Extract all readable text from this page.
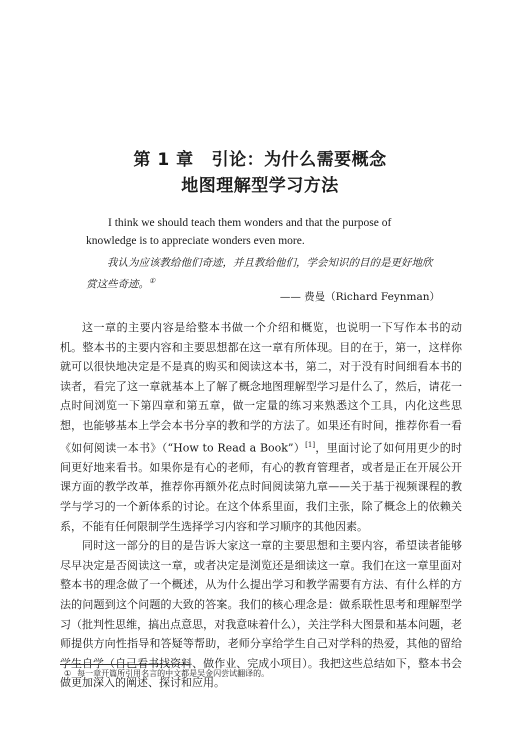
第 1 章 引论：为什么需要概念
地图理解型学习方法
I think we should teach them wonders and that the purpose of knowledge is to appreciate wonders even more.
我认为应该教给他们奇迹，并且教给他们，学会知识的目的是更好地欣赏这些奇迹。①
—— 费曼（Richard Feynman）

这一章的主要内容是给整本书做一个介绍和概览，也说明一下写作本书的动机。整本书的主要内容和主要思想都在这一章有所体现。目的在于，第一，这样你就可以很快地决定是不是真的购买和阅读这本书，第二，对于没有时间细看本书的读者，看完了这一章就基本上了解了概念地图理解型学习是什么了，然后，请花一点时间浏览一下第四章和第五章，做一定量的练习来熟悉这个工具，内化这些思想，也能够基本上学会本书分享的教和学的方法了。如果还有时间，推荐你看一看《如何阅读一本书》（“How to Read a Book”）[1]，里面讨论了如何用更少的时间更好地来看书。如果你是有心的老师，有心的教育管理者，或者是正在开展公开课方面的教学改革，推荐你再额外花点时间阅读第九章——关于基于视频课程的教学与学习的一个新体系的讨论。在这个体系里面，我们主张，除了概念上的依赖关系，不能有任何限制学生选择学习内容和学习顺序的其他因素。

同时这一部分的目的是告诉大家这一章的主要思想和主要内容，希望读者能够尽早决定是否阅读这一章，或者决定是浏览还是细读这一章。我们在这一章里面对整本书的理念做了一个概述，从为什么提出学习和教学需要有方法、有什么样的方法的问题到这个问题的大致的答案。我们的核心理念是：做系联性思考和理解型学习（批判性思维，搞出点意思，对我意味着什么），关注学科大图景和基本问题，老师提供方向性指导和答疑等帮助，老师分享给学生自己对学科的热爱，其他的留给学生自学（自己看书找资料、做作业、完成小项目）。我把这些总结如下，整本书会做更加深入的阐述、探讨和应用。

① 每一章开篇所引用名言的中文都是吴金闪尝试翻译的。
